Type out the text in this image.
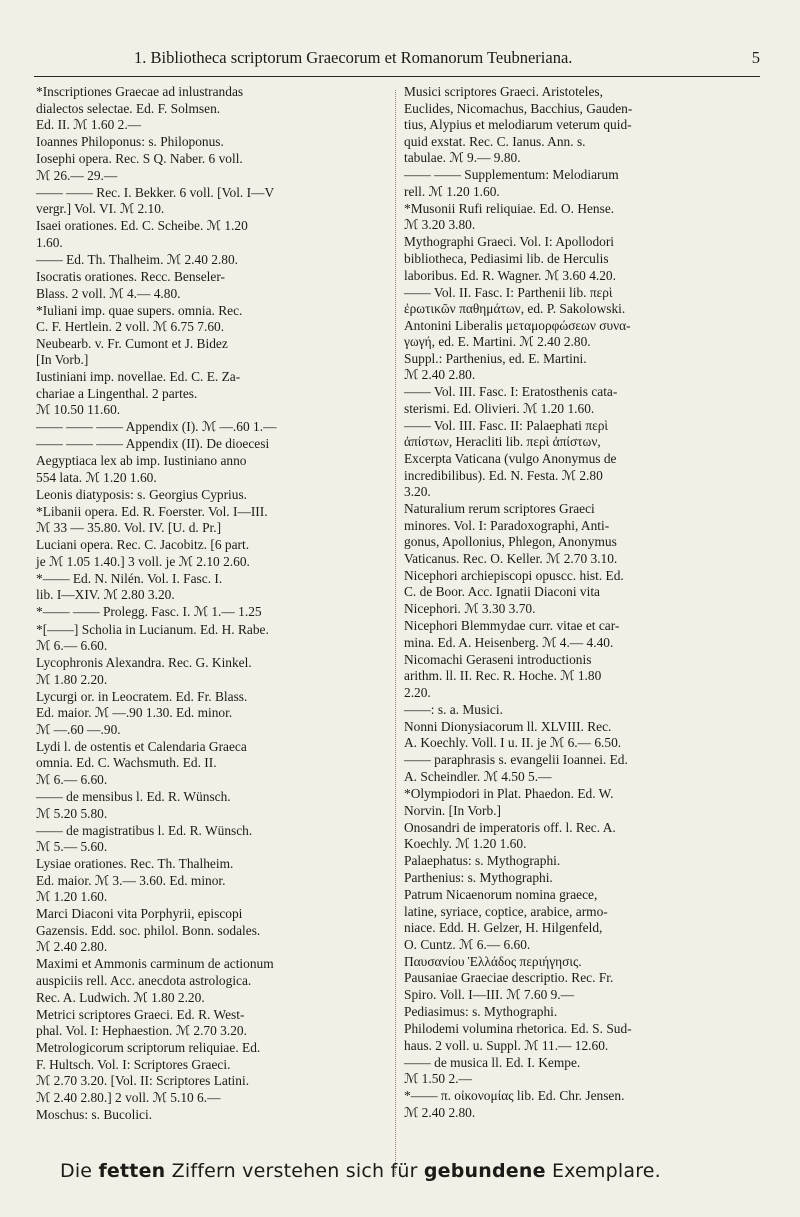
1. Bibliotheca scriptorum Graecorum et Romanorum Teubneriana.	5
*Inscriptiones Graecae ad inlustrandas
dialectos selectae. Ed. F. Solmsen.
Ed. II. ℳ 1.60 2.—
Ioannes Philoponus: s. Philoponus.
Iosephi opera. Rec. S Q. Naber. 6 voll.
ℳ 26.— 29.—
—— —— Rec. I. Bekker. 6 voll. [Vol. I—V
vergr.] Vol. VI. ℳ 2.10.
Isaei orationes. Ed. C. Scheibe. ℳ 1.20
1.60.
—— Ed. Th. Thalheim. ℳ 2.40 2.80.
Isocratis orationes. Recc. Benseler-
Blass. 2 voll. ℳ 4.— 4.80.
*Iuliani imp. quae supers. omnia. Rec.
C. F. Hertlein. 2 voll. ℳ 6.75 7.60.
Neubearb. v. Fr. Cumont et J. Bidez
[In Vorb.]
Iustiniani imp. novellae. Ed. C. E. Za-
chariae a Lingenthal. 2 partes.
ℳ 10.50 11.60.
—— —— —— Appendix (I). ℳ —.60 1.—
—— —— —— Appendix (II). De dioecesi
Aegyptiaca lex ab imp. Iustiniano anno
554 lata. ℳ 1.20 1.60.
Leonis diatyposis: s. Georgius Cyprius.
*Libanii opera. Ed. R. Foerster. Vol. I—III.
ℳ 33 — 35.80. Vol. IV. [U. d. Pr.]
Luciani opera. Rec. C. Jacobitz. [6 part.
je ℳ 1.05 1.40.] 3 voll. je ℳ 2.10 2.60.
*—— Ed. N. Nilén. Vol. I. Fasc. I.
lib. I—XIV. ℳ 2.80 3.20.
*—— —— Prolegg. Fasc. I. ℳ 1.— 1.25
*[——] Scholia in Lucianum. Ed. H. Rabe.
ℳ 6.— 6.60.
Lycophronis Alexandra. Rec. G. Kinkel.
ℳ 1.80 2.20.
Lycurgi or. in Leocratem. Ed. Fr. Blass.
Ed. maior. ℳ —.90 1.30. Ed. minor.
ℳ —.60 —.90.
Lydi l. de ostentis et Calendaria Graeca
omnia. Ed. C. Wachsmuth. Ed. II.
ℳ 6.— 6.60.
—— de mensibus l. Ed. R. Wünsch.
ℳ 5.20 5.80.
—— de magistratibus l. Ed. R. Wünsch.
ℳ 5.— 5.60.
Lysiae orationes. Rec. Th. Thalheim.
Ed. maior. ℳ 3.— 3.60. Ed. minor.
ℳ 1.20 1.60.
Marci Diaconi vita Porphyrii, episcopi
Gazensis. Edd. soc. philol. Bonn. sodales.
ℳ 2.40 2.80.
Maximi et Ammonis carminum de actionum
auspiciis rell. Acc. anecdota astrologica.
Rec. A. Ludwich. ℳ 1.80 2.20.
Metrici scriptores Graeci. Ed. R. West-
phal. Vol. I: Hephaestion. ℳ 2.70 3.20.
Metrologicorum scriptorum reliquiae. Ed.
F. Hultsch. Vol. I: Scriptores Graeci.
ℳ 2.70 3.20. [Vol. II: Scriptores Latini.
ℳ 2.40 2.80.] 2 voll. ℳ 5.10 6.—
Moschus: s. Bucolici.
Musici scriptores Graeci. Aristoteles,
Euclides, Nicomachus, Bacchius, Gauden-
tius, Alypius et melodiarum veterum quid-
quid exstat. Rec. C. Ianus. Ann. s.
tabulae. ℳ 9.— 9.80.
—— —— Supplementum: Melodiarum
rell. ℳ 1.20 1.60.
*Musonii Rufi reliquiae. Ed. O. Hense.
ℳ 3.20 3.80.
Mythographi Graeci. Vol. I: Apollodori
bibliotheca, Pediasimi lib. de Herculis
laboribus. Ed. R. Wagner. ℳ 3.60 4.20.
—— Vol. II. Fasc. I: Parthenii lib. περὶ
ἐρωτικῶν παθημάτων, ed. P. Sakolowski.
Antonini Liberalis μεταμορφώσεων συνα-
γωγή, ed. E. Martini. ℳ 2.40 2.80.
Suppl.: Parthenius, ed. E. Martini.
ℳ 2.40 2.80.
—— Vol. III. Fasc. I: Eratosthenis cata-
sterismi. Ed. Olivieri. ℳ 1.20 1.60.
—— Vol. III. Fasc. II: Palaephati περὶ
ἀπίστων, Heracliti lib. περὶ ἀπίστων,
Excerpta Vaticana (vulgo Anonymus de
incredibilibus). Ed. N. Festa. ℳ 2.80
3.20.
Naturalium rerum scriptores Graeci
minores. Vol. I: Paradoxographi, Anti-
gonus, Apollonius, Phlegon, Anonymus
Vaticanus. Rec. O. Keller. ℳ 2.70 3.10.
Nicephori archiepiscopi opuscc. hist. Ed.
C. de Boor. Acc. Ignatii Diaconi vita
Nicephori. ℳ 3.30 3.70.
Nicephori Blemmydae curr. vitae et car-
mina. Ed. A. Heisenberg. ℳ 4.— 4.40.
Nicomachi Geraseni introductionis
arithm. ll. II. Rec. R. Hoche. ℳ 1.80
2.20.
——: s. a. Musici.
Nonni Dionysiacorum ll. XLVIII. Rec.
A. Koechly. Voll. I u. II. je ℳ 6.— 6.50.
—— paraphrasis s. evangelii Ioannei. Ed.
A. Scheindler. ℳ 4.50 5.—
*Olympiodori in Plat. Phaedon. Ed. W.
Norvin. [In Vorb.]
Onosandri de imperatoris off. l. Rec. A.
Koechly. ℳ 1.20 1.60.
Palaephatus: s. Mythographi.
Parthenius: s. Mythographi.
Patrum Nicaenorum nomina graece,
latine, syriace, coptice, arabice, armo-
niace. Edd. H. Gelzer, H. Hilgenfeld,
O. Cuntz. ℳ 6.— 6.60.
Παυσανίου Ἑλλάδος περιήγησις.
Pausaniae Graeciae descriptio. Rec. Fr.
Spiro. Voll. I—III. ℳ 7.60 9.—
Pediasimus: s. Mythographi.
Philodemi volumina rhetorica. Ed. S. Sud-
haus. 2 voll. u. Suppl. ℳ 11.— 12.60.
—— de musica ll. Ed. I. Kempe.
ℳ 1.50 2.—
*—— π. οἰκονομίας lib. Ed. Chr. Jensen.
ℳ 2.40 2.80.
Die fetten Ziffern verstehen sich für gebundene Exemplare.
